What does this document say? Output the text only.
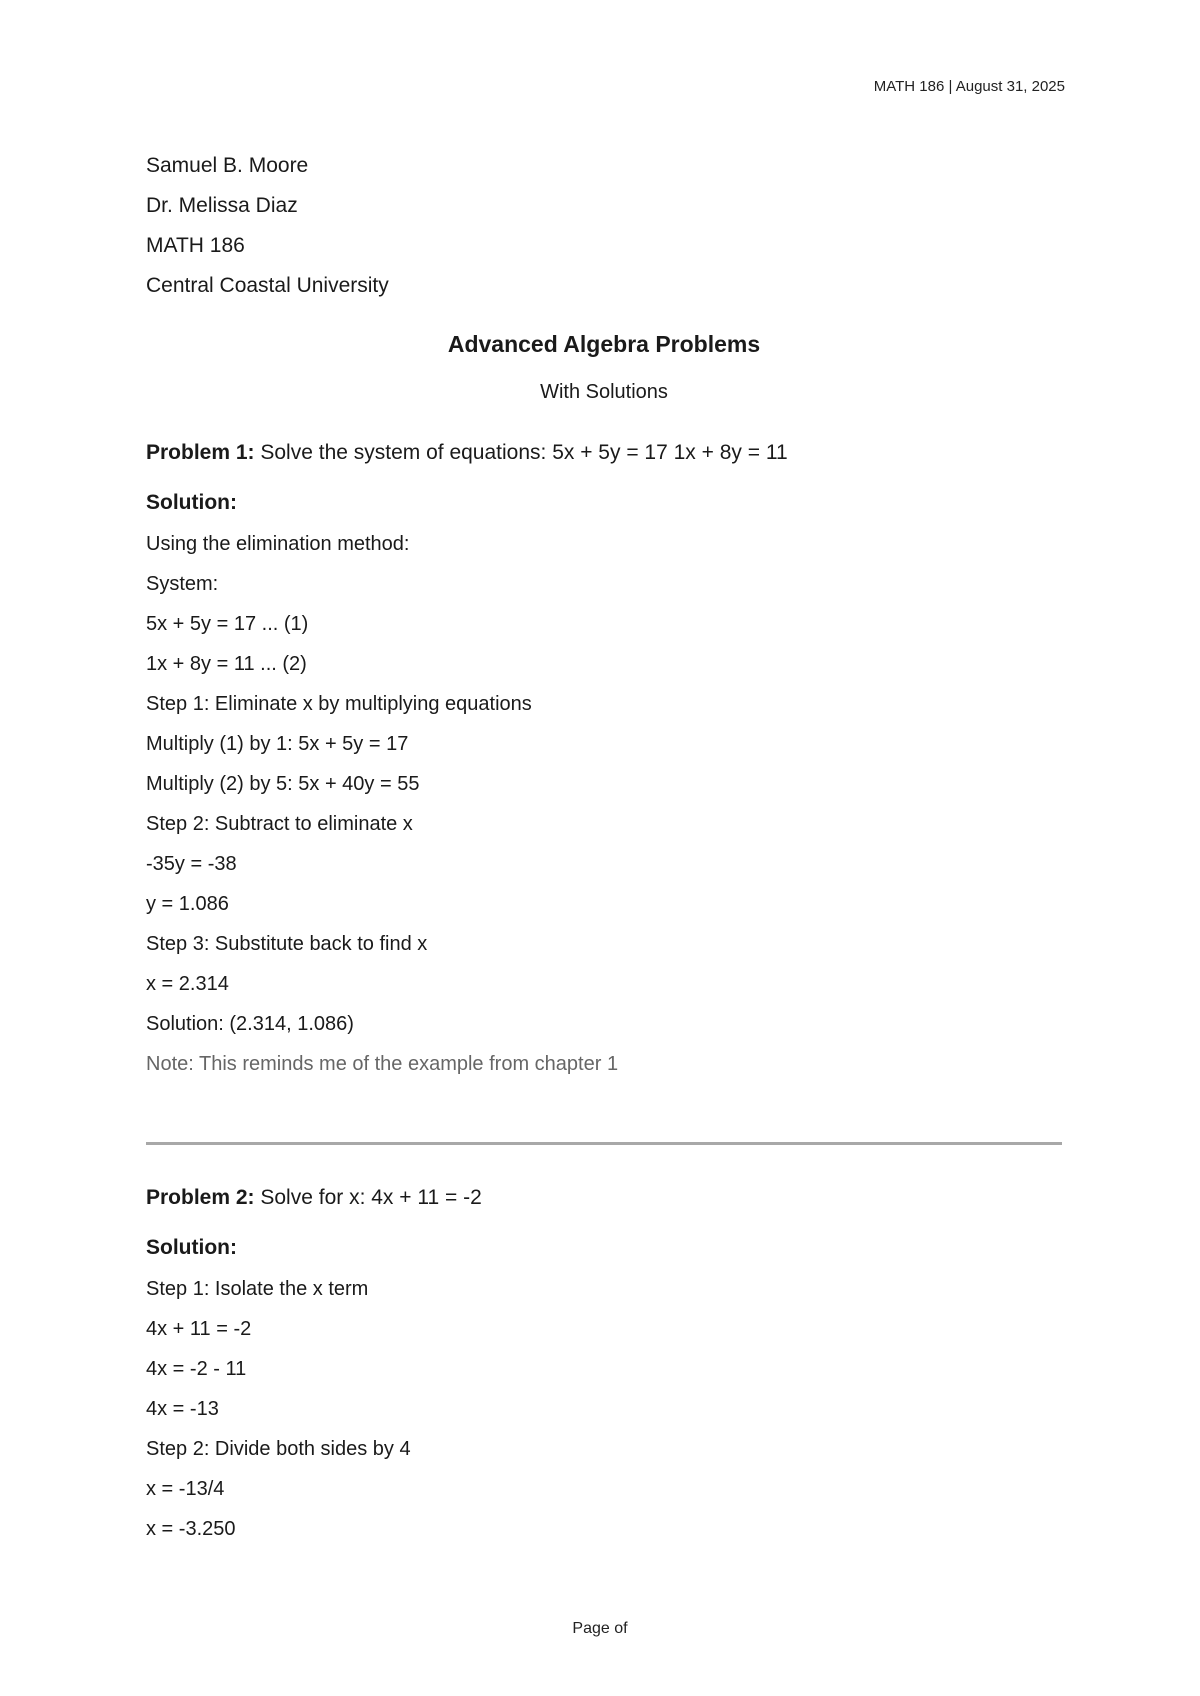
MATH 186 | August 31, 2025
Samuel B. Moore
Dr. Melissa Diaz
MATH 186
Central Coastal University
Advanced Algebra Problems
With Solutions
Problem 1: Solve the system of equations: 5x + 5y = 17 1x + 8y = 11
Solution:
Using the elimination method:
System:
5x + 5y = 17 ... (1)
1x + 8y = 11 ... (2)
Step 1: Eliminate x by multiplying equations
Multiply (1) by 1: 5x + 5y = 17
Multiply (2) by 5: 5x + 40y = 55
Step 2: Subtract to eliminate x
-35y = -38
y = 1.086
Step 3: Substitute back to find x
x = 2.314
Solution: (2.314, 1.086)
Note: This reminds me of the example from chapter 1
Problem 2: Solve for x: 4x + 11 = -2
Solution:
Step 1: Isolate the x term
4x + 11 = -2
4x = -2 - 11
4x = -13
Step 2: Divide both sides by 4
x = -13/4
x = -3.250
Page of
